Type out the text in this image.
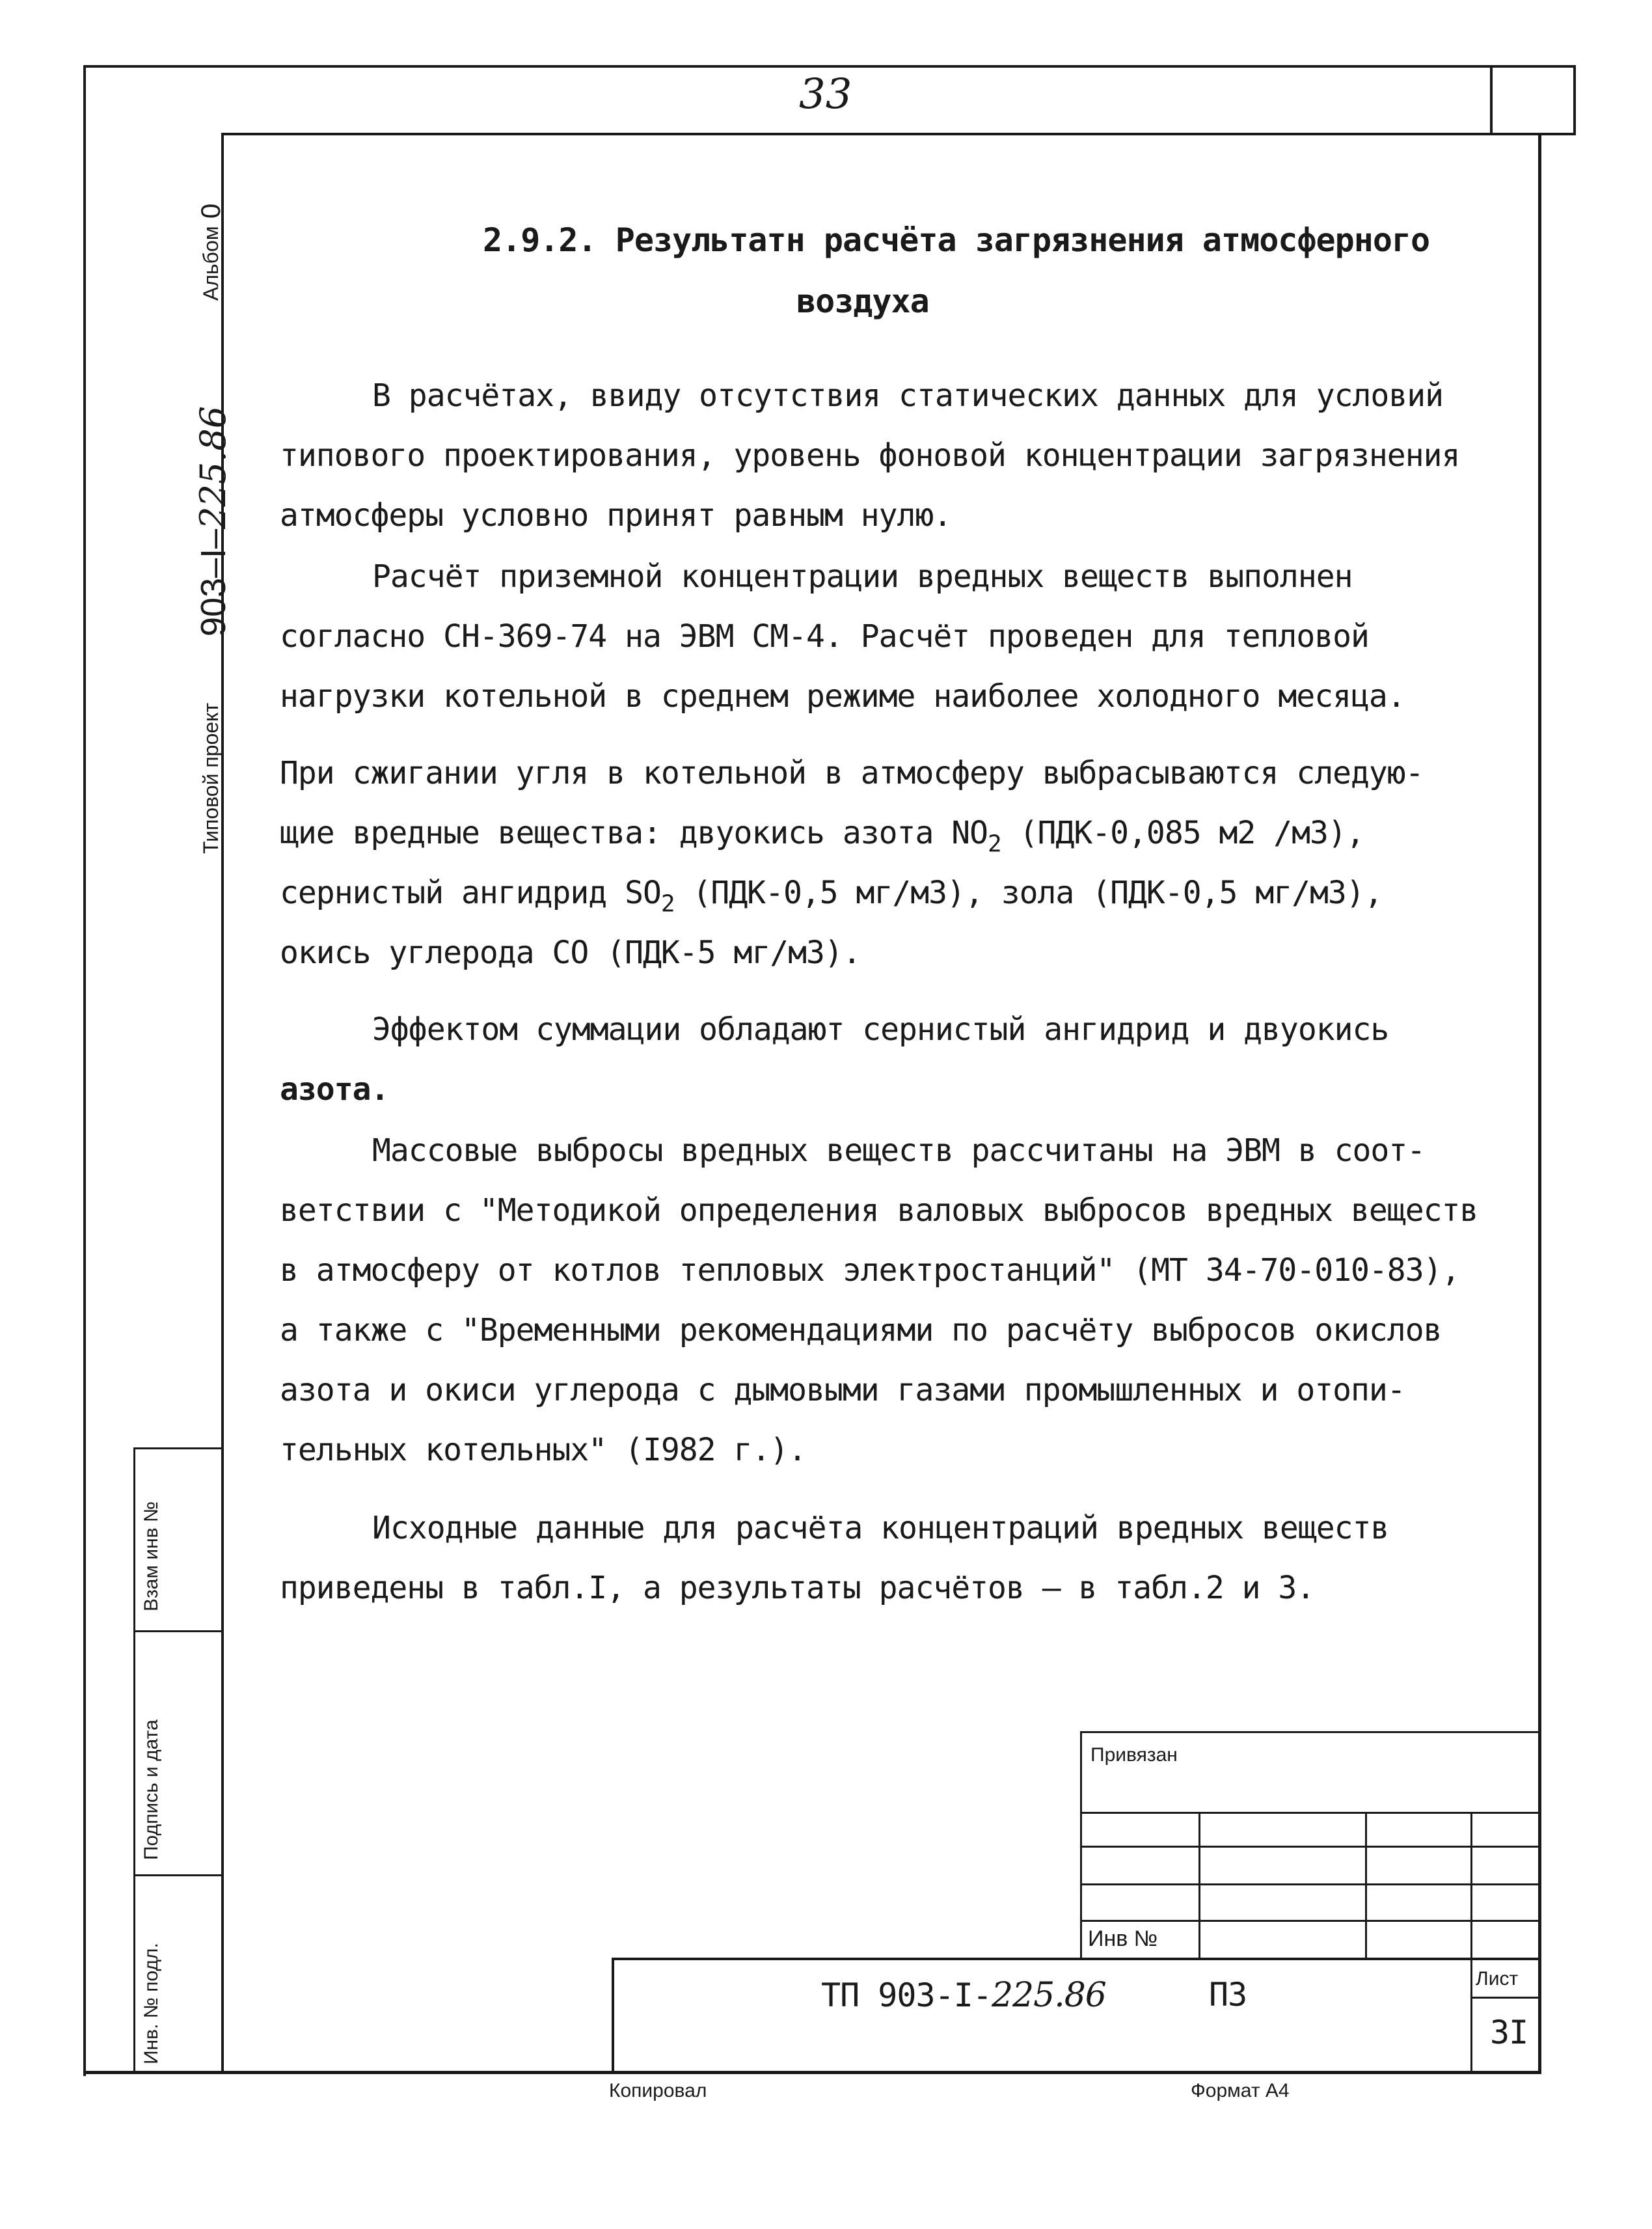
Альбом
0
Типовой проект
903–I–225.86
Взам инв №
Подпись и дата
Инв. № подл.
33
2.9.2. Результатн расчёта загрязнения атмосферного
воздуха
В расчётах, ввиду отсутствия статических данных для условий
типового проектирования, уровень фоновой концентрации загрязнения
атмосферы условно принят равным нулю.
Расчёт приземной концентрации вредных веществ выполнен
согласно СН-369-74 на ЭВМ СМ-4. Расчёт проведен для тепловой
нагрузки котельной в среднем режиме наиболее холодного месяца.
При сжигании угля в котельной в атмосферу выбрасываются следую-
щие вредные вещества: двуокись азота $NO_2$ (ПДК-0,085 м2 /м3),
сернистый ангидрид $SO_2$ (ПДК-0,5 мг/м3), зола (ПДК-0,5 мг/м3),
окись углерода СО (ПДК-5 мг/м3).
Эффектом суммации обладают сернистый ангидрид и двуокись
азота.
Массовые выбросы вредных веществ рассчитаны на ЭВМ в соот-
ветствии с "Методикой определения валовых выбросов вредных веществ
в атмосферу от котлов тепловых электростанций" (МТ 34-70-010-83),
а также с "Временными рекомендациями по расчёту выбросов окислов
азота и окиси углерода с дымовыми газами промышленных и отопи-
тельных котельных" (I982 г.).
Исходные данные для расчёта концентраций вредных веществ
приведены в табл.I, а результаты расчётов – в табл.2 и 3.
Привязан
Инв №
ТП 903-I-225.86	ПЗ	Лист
3I
Копировал	Формат А4
